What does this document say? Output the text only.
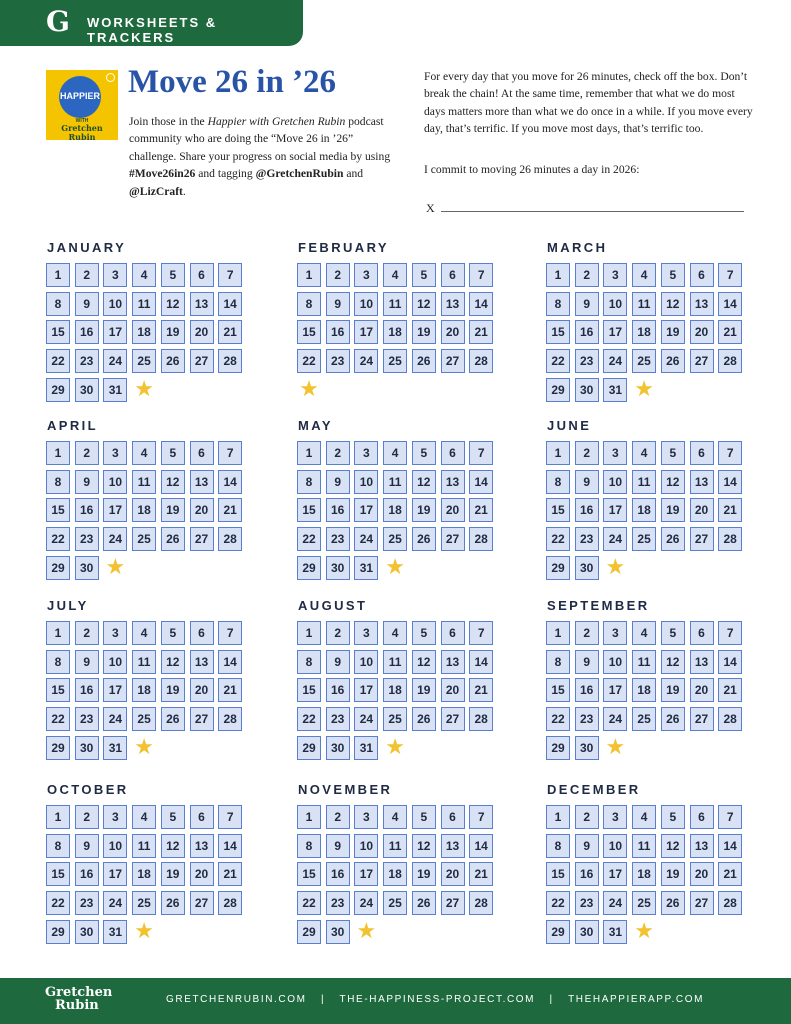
G WORKSHEETS & TRACKERS
HAPPIER
WITH
Gretchen
Rubin
Move 26 in ’26
Join those in the Happier with Gretchen Rubin podcast community who are doing the “Move 26 in ’26” challenge. Share your progress on social media by using #Move26in26 and tagging @GretchenRubin and @LizCraft.
For every day that you move for 26 minutes, check off the box. Don’t break the chain! At the same time, remember that what we do most days matters more than what we do once in a while. If you move every day, that’s terrific. If you move most days, that’s terrific too.
I commit to moving 26 minutes a day in 2026:
X
JANUARY
1	2	3	4	5	6	7
8	9	10	11	12	13	14
15	16	17	18	19	20	21
22	23	24	25	26	27	28
29	30	31 ★
FEBRUARY
1	2	3	4	5	6	7
8	9	10	11	12	13	14
15	16	17	18	19	20	21
22	23	24	25	26	27	28
★
MARCH
1	2	3	4	5	6	7
8	9	10	11	12	13	14
15	16	17	18	19	20	21
22	23	24	25	26	27	28
29	30	31 ★
APRIL
1	2	3	4	5	6	7
8	9	10	11	12	13	14
15	16	17	18	19	20	21
22	23	24	25	26	27	28
29	30 ★
MAY
1	2	3	4	5	6	7
8	9	10	11	12	13	14
15	16	17	18	19	20	21
22	23	24	25	26	27	28
29	30	31 ★
JUNE
1	2	3	4	5	6	7
8	9	10	11	12	13	14
15	16	17	18	19	20	21
22	23	24	25	26	27	28
29	30 ★
JULY
1	2	3	4	5	6	7
8	9	10	11	12	13	14
15	16	17	18	19	20	21
22	23	24	25	26	27	28
29	30	31 ★
AUGUST
1	2	3	4	5	6	7
8	9	10	11	12	13	14
15	16	17	18	19	20	21
22	23	24	25	26	27	28
29	30	31 ★
SEPTEMBER
1	2	3	4	5	6	7
8	9	10	11	12	13	14
15	16	17	18	19	20	21
22	23	24	25	26	27	28
29	30 ★
OCTOBER
1	2	3	4	5	6	7
8	9	10	11	12	13	14
15	16	17	18	19	20	21
22	23	24	25	26	27	28
29	30	31 ★
NOVEMBER
1	2	3	4	5	6	7
8	9	10	11	12	13	14
15	16	17	18	19	20	21
22	23	24	25	26	27	28
29	30 ★
DECEMBER
1	2	3	4	5	6	7
8	9	10	11	12	13	14
15	16	17	18	19	20	21
22	23	24	25	26	27	28
29	30	31 ★
Gretchen
Rubin	GRETCHENRUBIN.COM | THE-HAPPINESS-PROJECT.COM | THEHAPPIERAPP.COM
